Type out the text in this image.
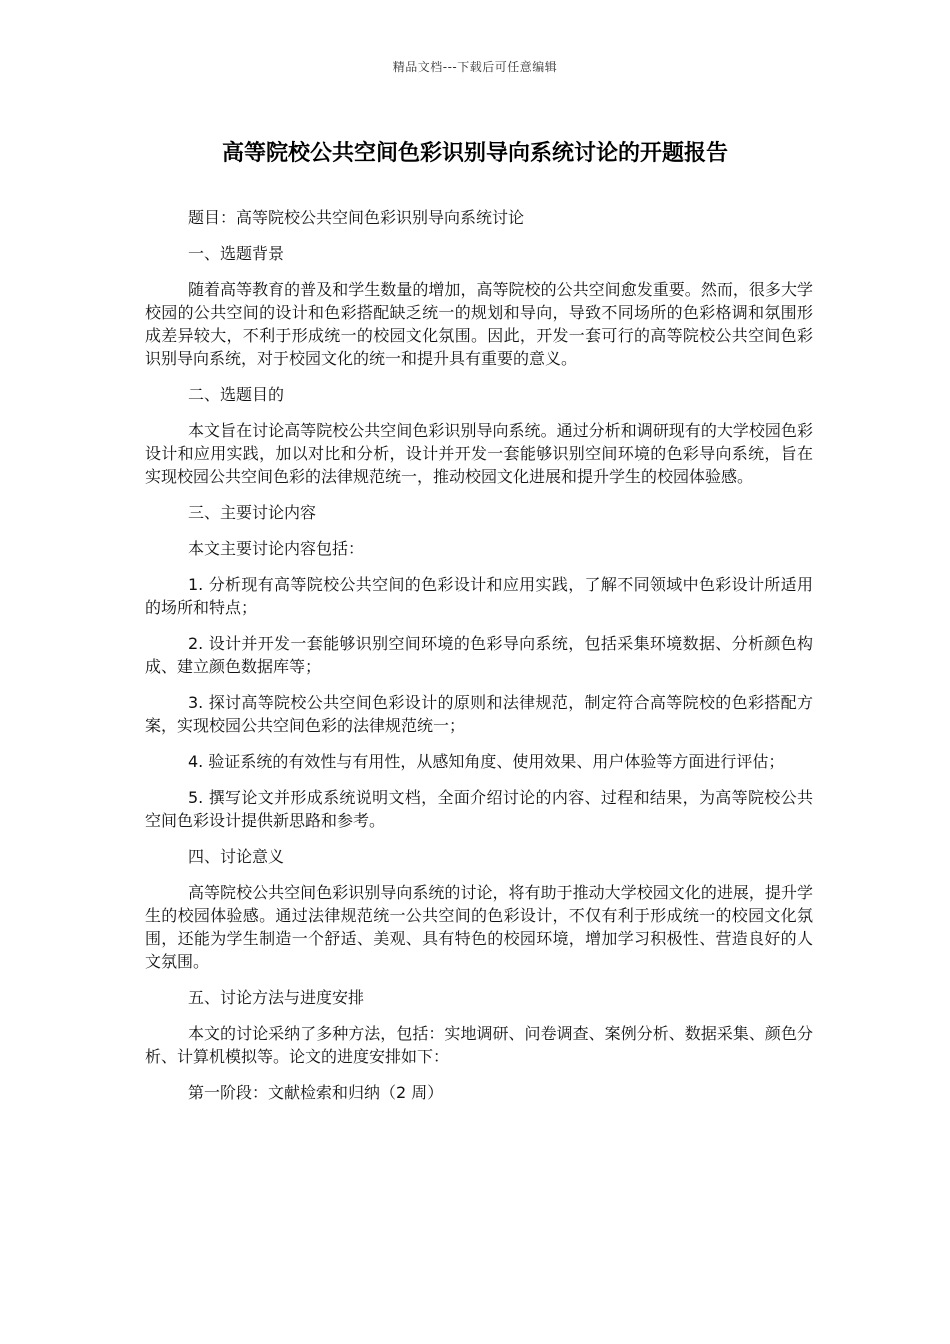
精品文档---下载后可任意编辑
高等院校公共空间色彩识别导向系统讨论的开题报告

题目：高等院校公共空间色彩识别导向系统讨论

一、选题背景

随着高等教育的普及和学生数量的增加，高等院校的公共空间愈发重要。然而，很多大学校园的公共空间的设计和色彩搭配缺乏统一的规划和导向，导致不同场所的色彩格调和氛围形成差异较大，不利于形成统一的校园文化氛围。因此，开发一套可行的高等院校公共空间色彩识别导向系统，对于校园文化的统一和提升具有重要的意义。

二、选题目的

本文旨在讨论高等院校公共空间色彩识别导向系统。通过分析和调研现有的大学校园色彩设计和应用实践，加以对比和分析，设计并开发一套能够识别空间环境的色彩导向系统，旨在实现校园公共空间色彩的法律规范统一，推动校园文化进展和提升学生的校园体验感。

三、主要讨论内容

本文主要讨论内容包括：

1. 分析现有高等院校公共空间的色彩设计和应用实践，了解不同领域中色彩设计所适用的场所和特点；

2. 设计并开发一套能够识别空间环境的色彩导向系统，包括采集环境数据、分析颜色构成、建立颜色数据库等；

3. 探讨高等院校公共空间色彩设计的原则和法律规范，制定符合高等院校的色彩搭配方案，实现校园公共空间色彩的法律规范统一；

4. 验证系统的有效性与有用性，从感知角度、使用效果、用户体验等方面进行评估；

5. 撰写论文并形成系统说明文档，全面介绍讨论的内容、过程和结果，为高等院校公共空间色彩设计提供新思路和参考。

四、讨论意义

高等院校公共空间色彩识别导向系统的讨论，将有助于推动大学校园文化的进展，提升学生的校园体验感。通过法律规范统一公共空间的色彩设计，不仅有利于形成统一的校园文化氛围，还能为学生制造一个舒适、美观、具有特色的校园环境，增加学习积极性、营造良好的人文氛围。

五、讨论方法与进度安排

本文的讨论采纳了多种方法，包括：实地调研、问卷调查、案例分析、数据采集、颜色分析、计算机模拟等。论文的进度安排如下：

第一阶段：文献检索和归纳（2 周）
